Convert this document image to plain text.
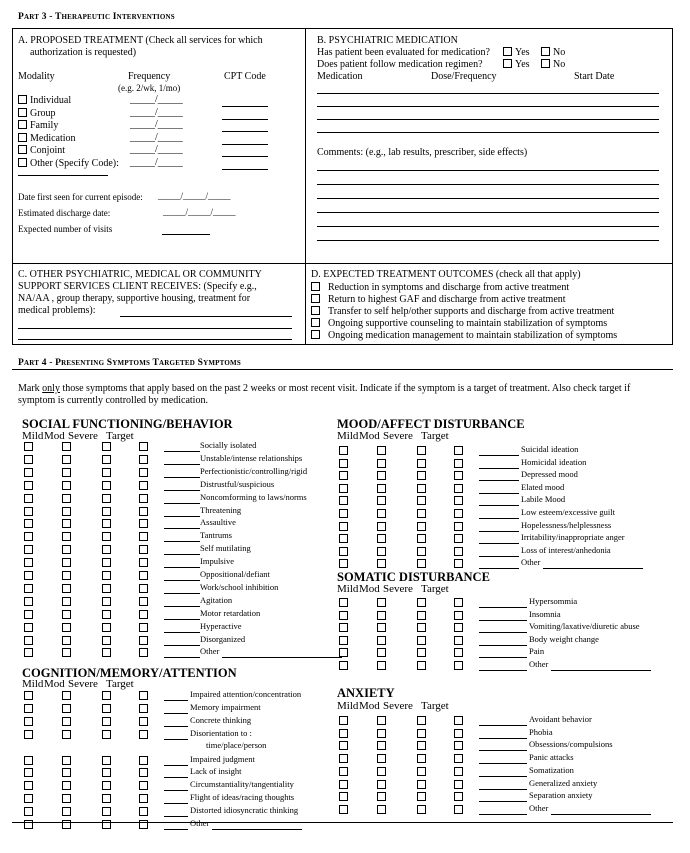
Part 3 - Therapeutic Interventions
A. PROPOSED TREATMENT (Check all services for which
authorization is requested)
Modality	Frequency
(e.g. 2/wk, 1/mo)
CPT Code
Date first seen for current episode: _____/_____/_____
Estimated discharge date:	_____/_____/_____
Expected number of visits
B. PSYCHIATRIC MEDICATION
Has patient been evaluated for medication?	Yes	No
Does patient follow medication regimen?	Yes	No
Medication	Dose/Frequency	Start Date
Comments: (e.g., lab results, prescriber, side effects)
C. OTHER PSYCHIATRIC, MEDICAL OR COMMUNITY
SUPPORT SERVICES CLIENT RECEIVES: (Specify e.g.,
NA/AA , group therapy, supportive housing, treatment for
medical problems):
D. EXPECTED TREATMENT OUTCOMES (check all that apply)
Part 4 - Presenting Symptoms Targeted Symptoms
Mark only those symptoms that apply based on the past 2 weeks or most recent visit. Indicate if the symptom is a target of treatment. Also check target if
symptom is currently controlled by medication.
Individual	_____/_____
Group	_____/_____
Family	_____/_____
Medication	_____/_____
Conjoint	_____/_____
Other (Specify Code): _____/_____
Reduction in symptoms and discharge from active treatment
Return to highest GAF and discharge from active treatment
Transfer to self help/other supports and discharge from active treatment
Ongoing supportive counseling to maintain stabilization of symptoms
Ongoing medication management to maintain stabilization of symptoms
SOCIAL FUNCTIONING/BEHAVIOR
Mild Mod Severe Target
Socially isolated
Unstable/intense relationships
Perfectionistic/controlling/rigid
Distrustful/suspicious
Noncomforming to laws/norms
Threatening
Assaultive
Tantrums
Self mutilating
Impulsive
Oppositional/defiant
Work/school inhibition
Agitation
Motor retardation
Hyperactive
Disorganized
Other
COGNITION/MEMORY/ATTENTION
Mild Mod Severe Target
Impaired attention/concentration
Memory impairment
Concrete thinking
Disorientation to :
time/place/person
Impaired judgment
Lack of insight
Circumstantiality/tangentiality
Flight of ideas/racing thoughts
Distorted idiosyncratic thinking
Other
MOOD/AFFECT DISTURBANCE
Mild Mod Severe Target
Suicidal ideation
Homicidal ideation
Depressed mood
Elated mood
Labile Mood
Low esteem/excessive guilt
Hopelessness/helplessness
Irritability/inappropriate anger
Loss of interest/anhedonia
Other
SOMATIC DISTURBANCE
Mild Mod Severe Target
Hypersommia
Insomnia
Vomiting/laxative/diuretic abuse
Body weight change
Pain
Other
ANXIETY
Mild Mod Severe Target
Avoidant behavior
Phobia
Obsessions/compulsions
Panic attacks
Somatization
Generalized anxiety
Separation anxiety
Other
